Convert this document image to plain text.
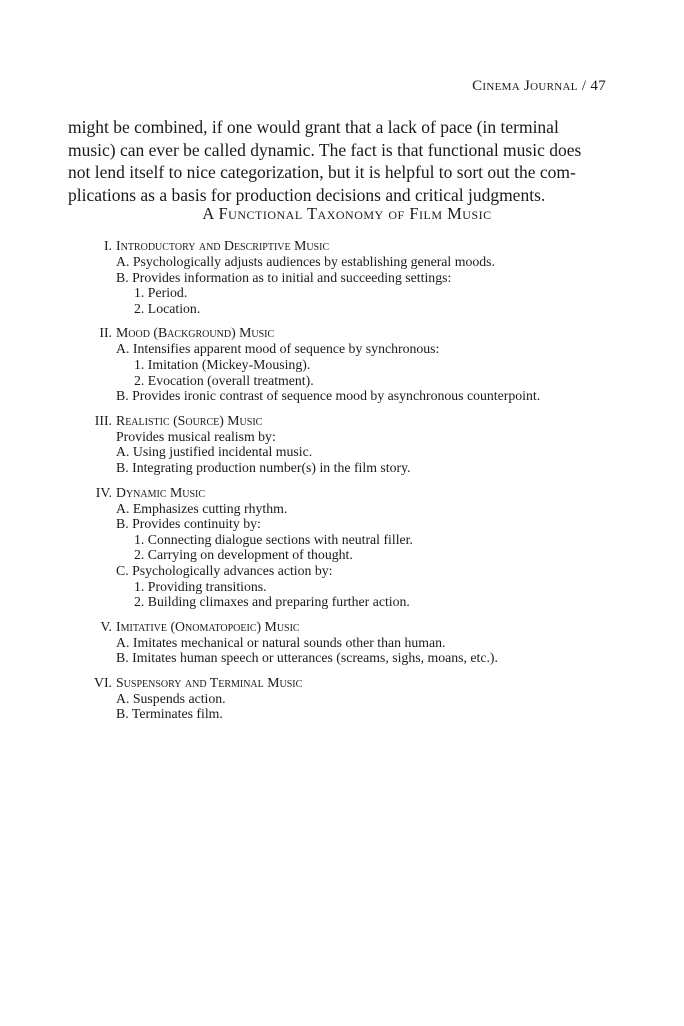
Cinema Journal / 47

might be combined, if one would grant that a lack of pace (in terminal
music) can ever be called dynamic. The fact is that functional music does
not lend itself to nice categorization, but it is helpful to sort out the com-
plications as a basis for production decisions and critical judgments.

A Functional Taxonomy of Film Music
I. Introductory and Descriptive Music
A. Psychologically adjusts audiences by establishing general moods.
B. Provides information as to initial and succeeding settings:
1. Period.
2. Location.
II. Mood (Background) Music
A. Intensifies apparent mood of sequence by synchronous:
1. Imitation (Mickey-Mousing).
2. Evocation (overall treatment).
B. Provides ironic contrast of sequence mood by asynchronous counterpoint.
III. Realistic (Source) Music
Provides musical realism by:
A. Using justified incidental music.
B. Integrating production number(s) in the film story.
IV. Dynamic Music
A. Emphasizes cutting rhythm.
B. Provides continuity by:
1. Connecting dialogue sections with neutral filler.
2. Carrying on development of thought.
C. Psychologically advances action by:
1. Providing transitions.
2. Building climaxes and preparing further action.
V. Imitative (Onomatopoeic) Music
A. Imitates mechanical or natural sounds other than human.
B. Imitates human speech or utterances (screams, sighs, moans, etc.).
VI. Suspensory and Terminal Music
A. Suspends action.
B. Terminates film.
